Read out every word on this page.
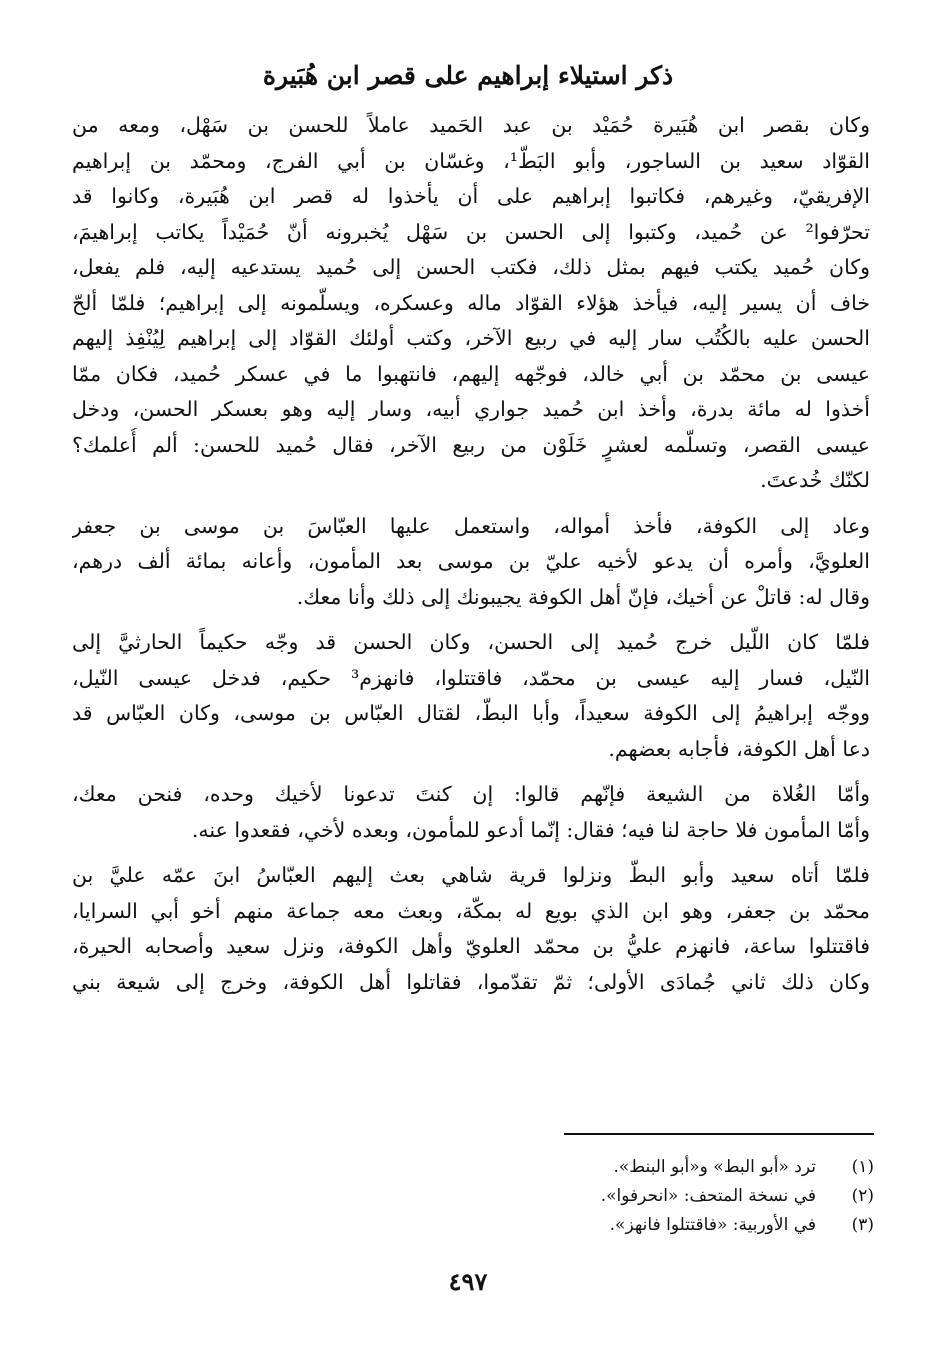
ذكر استيلاء إبراهيم على قصر ابن هُبَيرة
وكان بقصر ابن هُبَيرة حُمَيْد بن عبد الحَميد عاملاً للحسن بن سَهْل، ومعه من
القوّاد سعيد بن الساجور، وأبو البَطّ¹، وغسّان بن أبي الفرج، ومحمّد بن إبراهيم
الإفريقيّ، وغيرهم، فكاتبوا إبراهيم على أن يأخذوا له قصر ابن هُبَيرة، وكانوا قد
تحرّفوا² عن حُميد، وكتبوا إلى الحسن بن سَهْل يُخبرونه أنّ حُمَيْداً يكاتب إبراهيمَ،
وكان حُميد يكتب فيهم بمثل ذلك، فكتب الحسن إلى حُميد يستدعيه إليه، فلم يفعل،
خاف أن يسير إليه، فيأخذ هؤلاء القوّاد ماله وعسكره، ويسلّمونه إلى إبراهيم؛ فلمّا ألحّ
الحسن عليه بالكُتُب سار إليه في ربيع الآخر، وكتب أولئك القوّاد إلى إبراهيم لِيُنْفِذ إليهم
عيسى بن محمّد بن أبي خالد، فوجّهه إليهم، فانتهبوا ما في عسكر حُميد، فكان ممّا
أخذوا له مائة بدرة، وأخذ ابن حُميد جواري أبيه، وسار إليه وهو بعسكر الحسن، ودخل
عيسى القصر، وتسلّمه لعشرٍ خَلَوْن من ربيع الآخر، فقال حُميد للحسن: ألم أُعلمك؟
لكنّك خُدعتَ.
وعاد إلى الكوفة، فأخذ أمواله، واستعمل عليها العبّاسَ بن موسى بن جعفر
العلويَّ، وأمره أن يدعو لأخيه عليّ بن موسى بعد المأمون، وأعانه بمائة ألف درهم،
وقال له: قاتلْ عن أخيك، فإنّ أهل الكوفة يجيبونك إلى ذلك وأنا معك.
فلمّا كان اللّيل خرج حُميد إلى الحسن، وكان الحسن قد وجّه حكيماً الحارثيَّ إلى
النّيل، فسار إليه عيسى بن محمّد، فاقتتلوا، فانهزم³ حكيم، فدخل عيسى النّيل،
ووجّه إبراهيمُ إلى الكوفة سعيداً، وأبا البطّ، لقتال العبّاس بن موسى، وكان العبّاس قد
دعا أهل الكوفة، فأجابه بعضهم.
وأمّا الغُلاة من الشيعة فإنّهم قالوا: إن كنتَ تدعونا لأخيك وحده، فنحن معك،
وأمّا المأمون فلا حاجة لنا فيه؛ فقال: إنّما أدعو للمأمون، وبعده لأخي، فقعدوا عنه.
فلمّا أتاه سعيد وأبو البطّ ونزلوا قرية شاهي بعث إليهم العبّاسُ ابنَ عمّه عليَّ بن
محمّد بن جعفر، وهو ابن الذي بويع له بمكّة، وبعث معه جماعة منهم أخو أبي السرايا،
فاقتتلوا ساعة، فانهزم عليُّ بن محمّد العلويّ وأهل الكوفة، ونزل سعيد وأصحابه الحيرة،
وكان ذلك ثاني جُمادَى الأولى؛ ثمّ تقدّموا، فقاتلوا أهل الكوفة، وخرج إلى شيعة بني
(١)ترد «أبو البط» و«أبو البنط».
(٢)في نسخة المتحف: «انحرفوا».
(٣)في الأوربية: «فاقتتلوا فانهز».
٤٩٧
